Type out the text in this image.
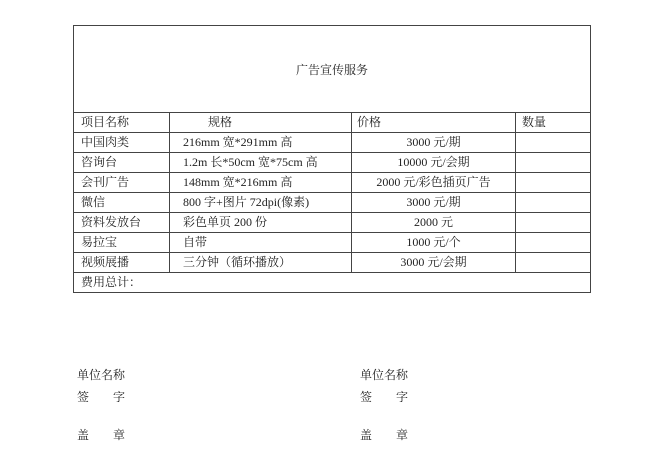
广告宣传服务			
项目名称	规格	价格	数量
中国肉类	216mm 宽*291mm 高	3000 元/期	
咨询台	1.2m 长*50cm 宽*75cm 高	10000 元/会期	
会刊广告	148mm 宽*216mm 高	2000 元/彩色插页广告	
微信	800 字+图片 72dpi(像素)	3000 元/期	
资料发放台	彩色单页 200 份	2000 元	
易拉宝	自带	1000 元/个	
视频展播	三分钟（循环播放）	3000 元/会期	
费用总计：			
单位名称
签　　字
盖　　章
单位名称
签　　字
盖　　章
